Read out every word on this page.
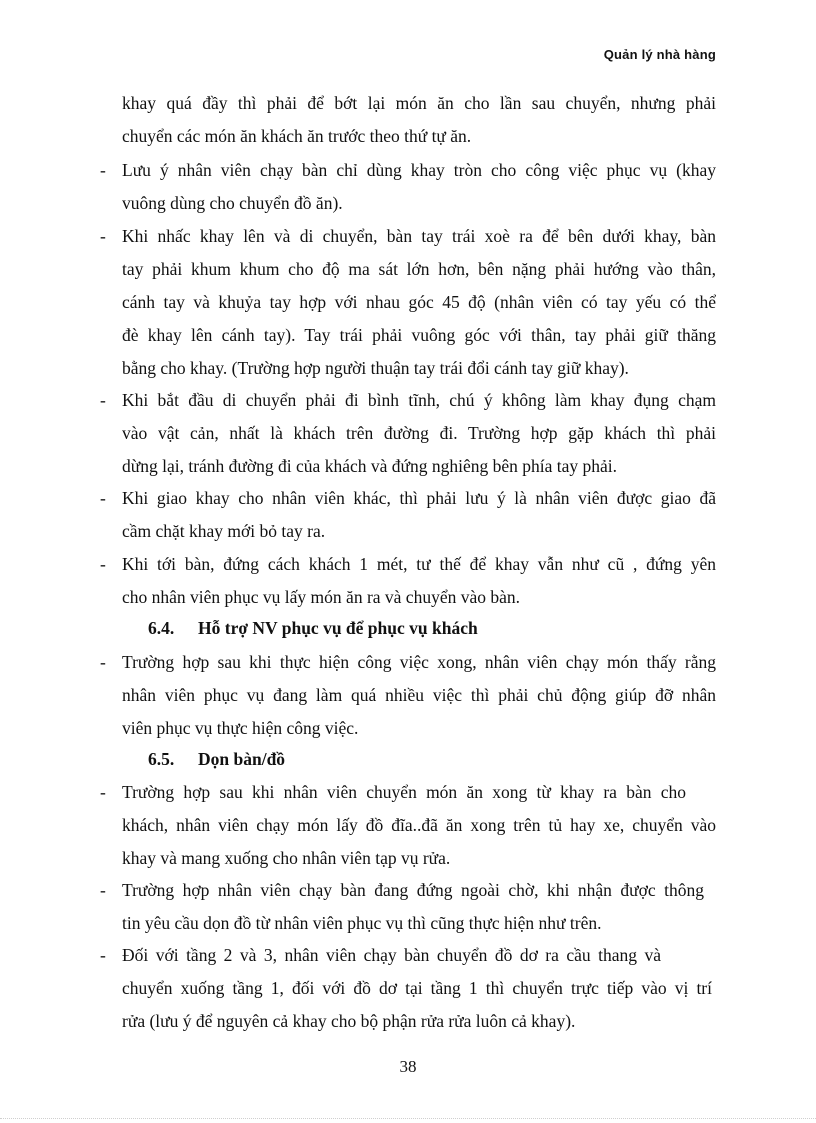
Quản lý nhà hàng
khay quá đầy thì phải để bớt lại món ăn cho lần sau chuyển, nhưng phải
chuyển các món ăn khách ăn trước theo thứ tự ăn.
- Lưu ý nhân viên chạy bàn chỉ dùng khay tròn cho công việc phục vụ (khay
vuông dùng cho chuyển đồ ăn).
- Khi nhấc khay lên và di chuyển, bàn tay trái xoè ra để bên dưới khay, bàn
tay phải khum khum cho độ ma sát lớn hơn, bên nặng phải hướng vào thân,
cánh tay và khuỷa tay hợp với nhau góc 45 độ (nhân viên có tay yếu có thể
đè khay lên cánh tay). Tay trái phải vuông góc với thân, tay phải giữ thăng
bằng cho khay. (Trường hợp người thuận tay trái đổi cánh tay giữ khay).
- Khi bắt đầu di chuyển phải đi bình tĩnh, chú ý không làm khay đụng chạm
vào vật cản, nhất là khách trên đường đi. Trường hợp gặp khách thì phải
dừng lại, tránh đường đi của khách và đứng nghiêng bên phía tay phải.
- Khi giao khay cho nhân viên khác, thì phải lưu ý là nhân viên được giao đã
cầm chặt khay mới bỏ tay ra.
- Khi tới bàn, đứng cách khách 1 mét, tư thế để khay vẫn như cũ , đứng yên
cho nhân viên phục vụ lấy món ăn ra và chuyển vào bàn.
6.4. Hỗ trợ NV phục vụ để phục vụ khách
- Trường hợp sau khi thực hiện công việc xong, nhân viên chạy món thấy rằng
nhân viên phục vụ đang làm quá nhiều việc thì phải chủ động giúp đỡ nhân
viên phục vụ thực hiện công việc.
6.5. Dọn bàn/đồ
- Trường hợp sau khi nhân viên chuyển món ăn xong từ khay ra bàn cho
khách, nhân viên chạy món lấy đồ đĩa..đã ăn xong trên tủ hay xe, chuyển vào
khay và mang xuống cho nhân viên tạp vụ rửa.
- Trường hợp nhân viên chạy bàn đang đứng ngoài chờ, khi nhận được thông
tin yêu cầu dọn đồ từ nhân viên phục vụ thì cũng thực hiện như trên.
- Đối với tầng 2 và 3, nhân viên chạy bàn chuyển đồ dơ ra cầu thang và
chuyển xuống tầng 1, đối với đồ dơ tại tầng 1 thì chuyển trực tiếp vào vị trí
rửa (lưu ý để nguyên cả khay cho bộ phận rửa rửa luôn cả khay).
38
